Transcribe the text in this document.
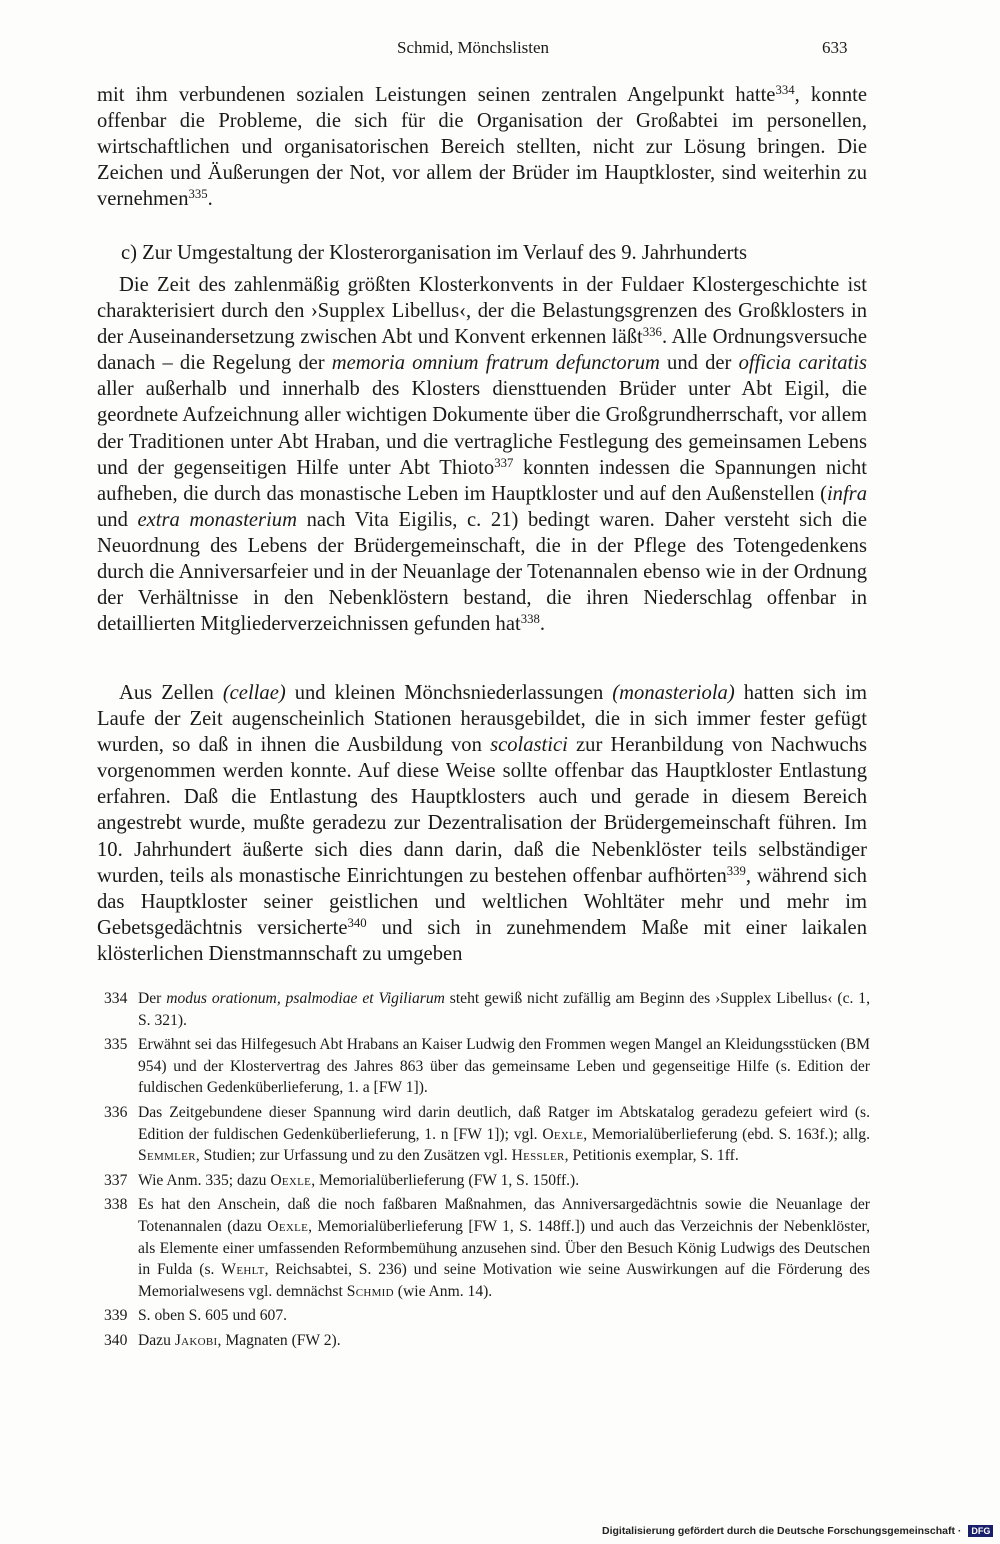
Schmid, Mönchslisten	633

mit ihm verbundenen sozialen Leistungen seinen zentralen Angelpunkt hatte$^{334}$, konnte offenbar die Probleme, die sich für die Organisation der Großabtei im personellen, wirtschaftlichen und organisatorischen Bereich stellten, nicht zur Lösung bringen. Die Zeichen und Äußerungen der Not, vor allem der Brüder im Hauptkloster, sind weiterhin zu vernehmen$^{335}$.

c) Zur Umgestaltung der Klosterorganisation im Verlauf des 9. Jahrhunderts

Die Zeit des zahlenmäßig größten Klosterkonvents in der Fuldaer Klostergeschichte ist charakterisiert durch den ›Supplex Libellus‹, der die Belastungsgrenzen des Großklosters in der Auseinandersetzung zwischen Abt und Konvent erkennen läßt$^{336}$. Alle Ordnungsversuche danach – die Regelung der memoria omnium fratrum defunctorum und der officia caritatis aller außerhalb und innerhalb des Klosters diensttuenden Brüder unter Abt Eigil, die geordnete Aufzeichnung aller wichtigen Dokumente über die Großgrundherrschaft, vor allem der Traditionen unter Abt Hraban, und die vertragliche Festlegung des gemeinsamen Lebens und der gegenseitigen Hilfe unter Abt Thioto$^{337}$ konnten indessen die Spannungen nicht aufheben, die durch das monastische Leben im Hauptkloster und auf den Außenstellen (infra und extra monasterium nach Vita Eigilis, c. 21) bedingt waren. Daher versteht sich die Neuordnung des Lebens der Brüdergemeinschaft, die in der Pflege des Totengedenkens durch die Anniversarfeier und in der Neuanlage der Totenannalen ebenso wie in der Ordnung der Verhältnisse in den Nebenklöstern bestand, die ihren Niederschlag offenbar in detaillierten Mitgliederverzeichnissen gefunden hat$^{338}$.

Aus Zellen (cellae) und kleinen Mönchsniederlassungen (monasteriola) hatten sich im Laufe der Zeit augenscheinlich Stationen herausgebildet, die in sich immer fester gefügt wurden, so daß in ihnen die Ausbildung von scolastici zur Heranbildung von Nachwuchs vorgenommen werden konnte. Auf diese Weise sollte offenbar das Hauptkloster Entlastung erfahren. Daß die Entlastung des Hauptklosters auch und gerade in diesem Bereich angestrebt wurde, mußte geradezu zur Dezentralisation der Brüdergemeinschaft führen. Im 10. Jahrhundert äußerte sich dies dann darin, daß die Nebenklöster teils selbständiger wurden, teils als monastische Einrichtungen zu bestehen offenbar aufhörten$^{339}$, während sich das Hauptkloster seiner geistlichen und weltlichen Wohltäter mehr und mehr im Gebetsgedächtnis versicherte$^{340}$ und sich in zunehmendem Maße mit einer laikalen klösterlichen Dienstmannschaft zu umgeben

334 Der modus orationum, psalmodiae et Vigiliarum steht gewiß nicht zufällig am Beginn des ›Supplex Libellus‹ (c. 1, S. 321).
335 Erwähnt sei das Hilfegesuch Abt Hrabans an Kaiser Ludwig den Frommen wegen Mangel an Kleidungsstücken (BM 954) und der Klostervertrag des Jahres 863 über das gemeinsame Leben und gegenseitige Hilfe (s. Edition der fuldischen Gedenküberlieferung, 1. a [FW 1]).
336 Das Zeitgebundene dieser Spannung wird darin deutlich, daß Ratger im Abtskatalog geradezu gefeiert wird (s. Edition der fuldischen Gedenküberlieferung, 1. n [FW 1]); vgl. Oexle, Memorialüberlieferung (ebd. S. 163f.); allg. Semmler, Studien; zur Urfassung und zu den Zusätzen vgl. Hessler, Petitionis exemplar, S. 1ff.
337 Wie Anm. 335; dazu Oexle, Memorialüberlieferung (FW 1, S. 150ff.).
338 Es hat den Anschein, daß die noch faßbaren Maßnahmen, das Anniversargedächtnis sowie die Neuanlage der Totenannalen (dazu Oexle, Memorialüberlieferung [FW 1, S. 148ff.]) und auch das Verzeichnis der Nebenklöster, als Elemente einer umfassenden Reformbemühung anzusehen sind. Über den Besuch König Ludwigs des Deutschen in Fulda (s. Wehlt, Reichsabtei, S. 236) und seine Motivation wie seine Auswirkungen auf die Förderung des Memorialwesens vgl. demnächst Schmid (wie Anm. 14).
339 S. oben S. 605 und 607.
340 Dazu Jakobi, Magnaten (FW 2).
Digitalisierung gefördert durch die Deutsche Forschungsgemeinschaft · DFG
